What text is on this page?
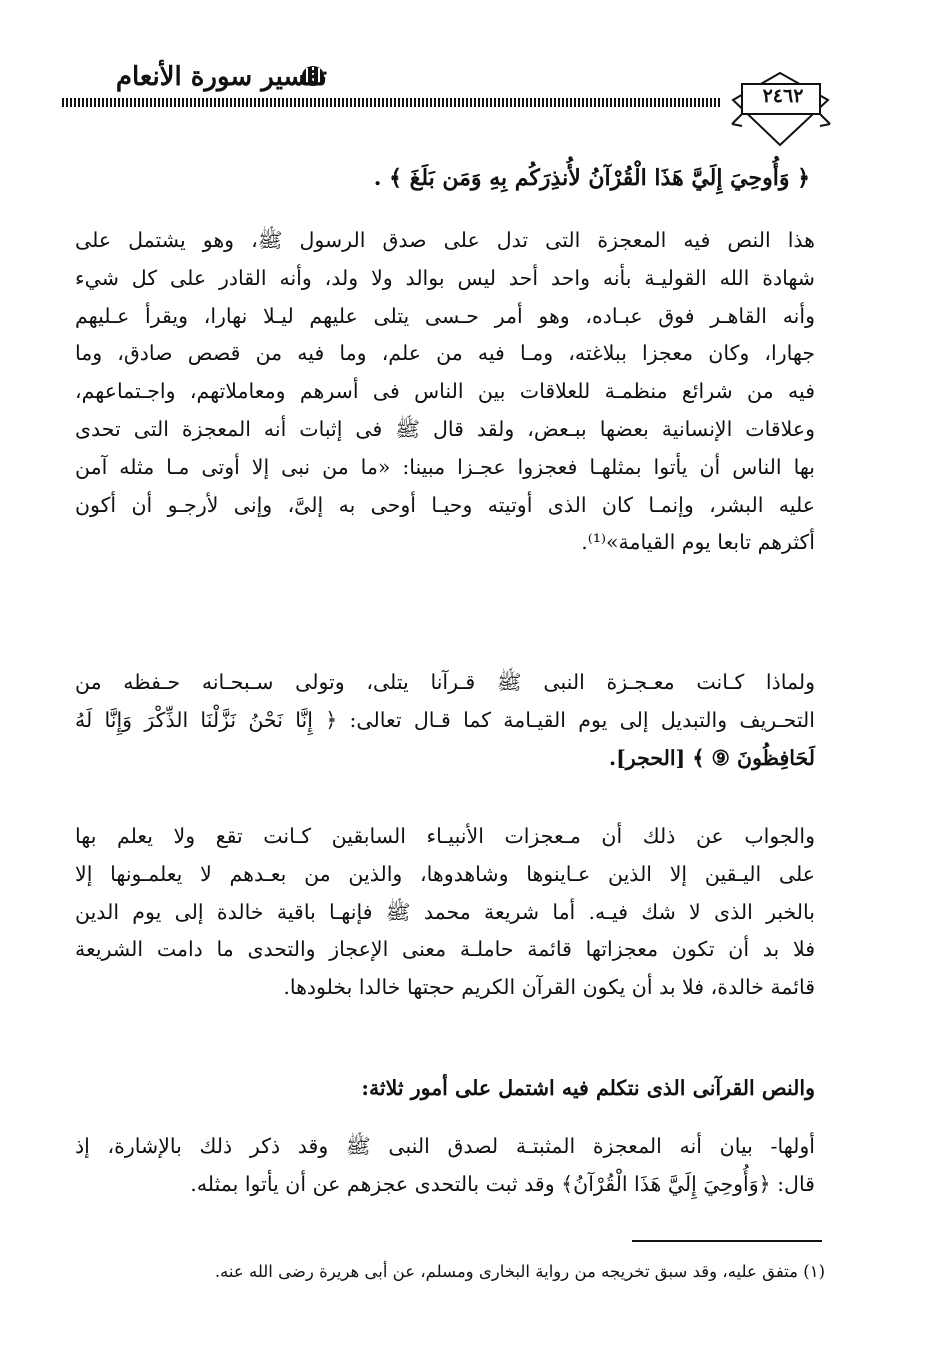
تفسير سورة الأنعام
٢٤٦٢
﴿ وَأُوحِيَ إِلَيَّ هَذَا الْقُرْآنُ لأُنذِرَكُم بِهِ وَمَن بَلَغَ ﴾ .
هذا النص فيه المعجزة التى تدل على صدق الرسول ﷺ، وهو يشتمل على
شهادة الله القوليـة بأنه واحد أحد ليس بوالد ولا ولد، وأنه القادر على كل شيء
وأنه القاهـر فوق عبـاده، وهو أمر حـسى يتلى عليهم ليـلا نهارا، ويقرأ عـليهم
جهارا، وكان معجزا ببلاغته، ومـا فيه من علم، وما فيه من قصص صادق، وما
فيه من شرائع منظمـة للعلاقات بين الناس فى أسرهم ومعاملاتهم، واجـتماعهم،
وعلاقات الإنسانية بعضها ببـعض، ولقد قال ﷺ فى إثبات أنه المعجزة التى تحدى
بها الناس أن يأتوا بمثلهـا فعجزوا عجـزا مبينا: «ما من نبى إلا أوتى مـا مثله آمن
عليه البشر، وإنمـا كان الذى أوتيته وحيـا أوحى به إلىَّ، وإنى لأرجـو أن أكون
أكثرهم تابعا يوم القيامة»⁽¹⁾.
ولماذا كـانت معـجـزة النبى ﷺ قـرآنا يتلى، وتولى سـبحـانه حـفظه من
التحـريف والتبديل إلى يوم القيـامة كما قـال تعالى: ﴿ إِنَّا نَحْنُ نَزَّلْنَا الذِّكْرَ وَإِنَّا لَهُ
لَحَافِظُونَ ⑨ ﴾ [الحجر].
والجواب عن ذلك أن مـعجزات الأنبيـاء السابقين كـانت تقع ولا يعلم بها
على اليـقين إلا الذين عـاينوها وشاهدوها، والذين من بعـدهم لا يعلمـونها إلا
بالخبر الذى لا شك فيـه. أما شريعة محمد ﷺ فإنهـا باقية خالدة إلى يوم الدين
فلا بد أن تكون معجزاتها قائمة حاملـة معنى الإعجاز والتحدى ما دامت الشريعة
قائمة خالدة، فلا بد أن يكون القرآن الكريم حجتها خالدا بخلودها.
والنص القرآنى الذى نتكلم فيه اشتمل على أمور ثلاثة:
أولها- بيان أنه المعجزة المثبتـة لصدق النبى ﷺ وقد ذكر ذلك بالإشارة، إذ
قال: ﴿وَأُوحِيَ إِلَيَّ هَذَا الْقُرْآنُ﴾ وقد ثبت بالتحدى عجزهم عن أن يأتوا بمثله.
(١) متفق عليه، وقد سبق تخريجه من رواية البخارى ومسلم، عن أبى هريرة رضى الله عنه.
